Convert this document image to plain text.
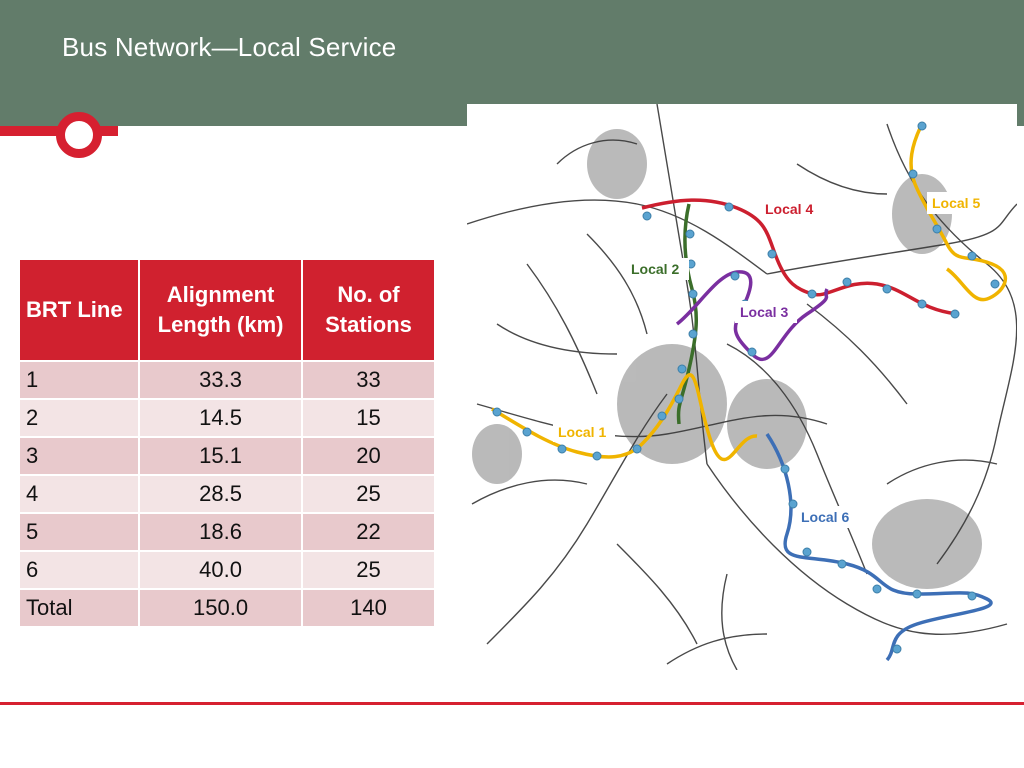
Bus Network—Local Service
BRT Line	Alignment Length (km)	No. of Stations
1	33.3	33
2	14.5	15
3	15.1	20
4	28.5	25
5	18.6	22
6	40.0	25
Total	150.0	140
Local 1
Local 2
Local 3
Local 4	Local 5
Local 6
